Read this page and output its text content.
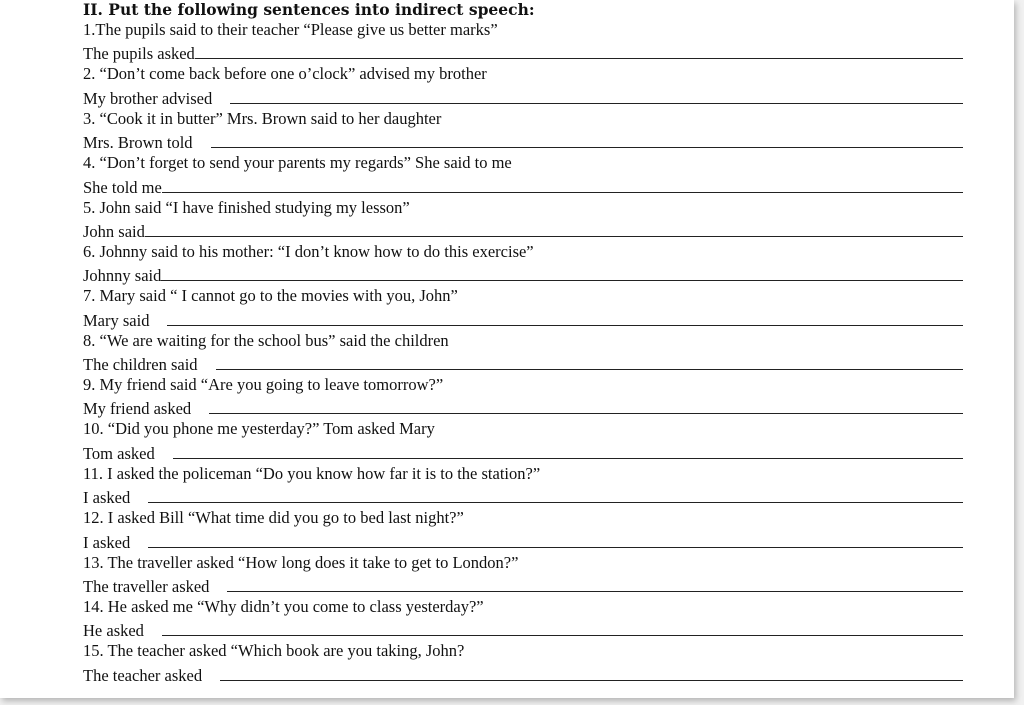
II. Put the following sentences into indirect speech:
1.The pupils said to their teacher “Please give us better marks”
The pupils asked
2. “Don’t come back before one o’clock” advised my brother
My brother advised
3. “Cook it in butter” Mrs. Brown said to her daughter
Mrs. Brown told
4. “Don’t forget to send your parents my regards” She said to me
She told me
5. John said “I have finished studying my lesson”
John said
6. Johnny said to his mother: “I don’t know how to do this exercise”
Johnny said
7. Mary said “ I cannot go to the movies with you, John”
Mary said
8. “We are waiting for the school bus” said the children
The children said
9. My friend said “Are you going to leave tomorrow?”
My friend asked
10. “Did you phone me yesterday?” Tom asked Mary
Tom asked
11. I asked the policeman “Do you know how far it is to the station?”
I asked
12. I asked Bill “What time did you go to bed last night?”
I asked
13. The traveller asked “How long does it take to get to London?”
The traveller asked
14. He asked me “Why didn’t you come to class yesterday?”
He asked
15. The teacher asked “Which book are you taking, John?
The teacher asked
